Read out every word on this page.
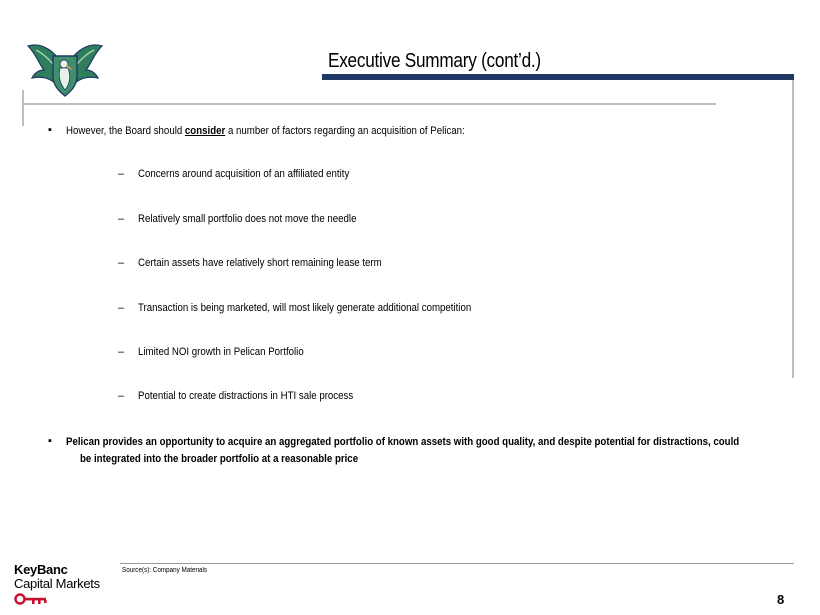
Executive Summary (cont’d.)
▪ However, the Board should consider a number of factors regarding an acquisition of Pelican:
– Concerns around acquisition of an affiliated entity
– Relatively small portfolio does not move the needle
– Certain assets have relatively short remaining lease term
– Transaction is being marketed, will most likely generate additional competition
– Limited NOI growth in Pelican Portfolio
– Potential to create distractions in HTI sale process
▪ Pelican provides an opportunity to acquire an aggregated portfolio of known assets with good quality, and despite potential for distractions, could
be integrated into the broader portfolio at a reasonable price
Source(s): Company Materials
KeyBanc
Capital Markets
8
